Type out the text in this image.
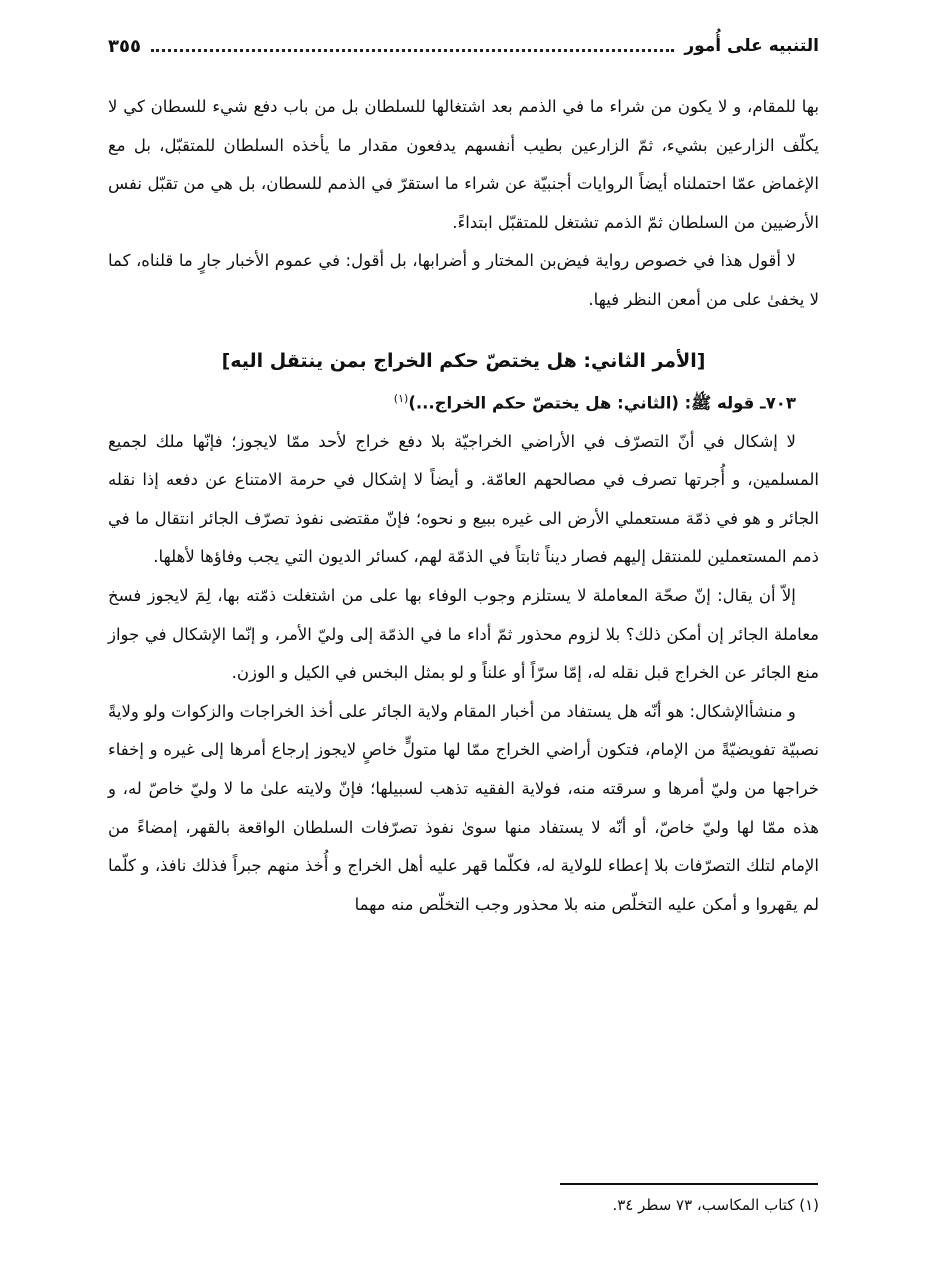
التنبيه على أُمور
٣٥٥

بها للمقام، و لا يكون من شراء ما في الذمم بعد اشتغالها للسلطان بل من باب دفع شيء للسطان كي لا يكلّف الزارعين بشيء، ثمّ الزارعين بطيب أنفسهم يدفعون مقدار ما يأخذه السلطان للمتقبّل، بل مع الإغماض عمّا احتملناه أيضاً الروايات أجنبيّة عن شراء ما استقرّ في الذمم للسطان، بل هي من تقبّل نفس الأرضيين من السلطان ثمّ الذمم تشتغل للمتقبّل ابتداءً.

لا أقول هذا في خصوص رواية فيض‌بن المختار و أضرابها، بل أقول: في عموم الأخبار جارٍ ما قلناه، كما لا يخفىٰ على من أمعن النظر فيها.

[الأمر الثاني: هل يختصّ حكم الخراج بمن ينتقل اليه]

٧٠٣ـ قوله ﷺ: (الثاني: هل يختصّ حكم الخراج...)$^{(١)}$

لا إشكال في أنّ التصرّف في الأراضي الخراجيّة بلا دفع خراج لأحد ممّا لايجوز؛ فإنّها ملك لجميع المسلمين، و أُجرتها تصرف في مصالحهم العامّة. و أيضاً لا إشكال في حرمة الامتناع عن دفعه إذا نقله الجائر و هو في ذمّة مستعملي الأرض الى غيره ببيع و نحوه؛ فإنّ مقتضى نفوذ تصرّف الجائر انتقال ما في ذمم المستعملين للمنتقل إليهم فصار ديناً ثابتاً في الذمّة لهم، كسائر الديون التي يجب وفاؤها لأهلها.

إلاّ أن يقال: إنّ صحّة المعاملة لا يستلزم وجوب الوفاء بها على من اشتغلت ذمّته بها، لِمَ لايجوز فسخ معاملة الجائر إن أمكن ذلك؟ بلا لزوم محذور ثمّ أداء ما في الذمّة إلى وليّ الأمر، و إنّما الإشكال في جواز منع الجائر عن الخراج قبل نقله له، إمّا سرّاً أو علناً و لو بمثل البخس في الكيل و الوزن.

و منشأالإشكال: هو أنّه هل يستفاد من أخبار المقام ولاية الجائر على أخذ الخراجات والزكوات ولو ولايةً نصبيّة تفويضيّةً من الإمام، فتكون أراضي الخراج ممّا لها متولٍّ خاصٍ لايجوز إرجاع أمرها إلى غيره و إخفاء خراجها من وليّ أمرها و سرقته منه، فولاية الفقيه تذهب لسبيلها؛ فإنّ ولايته علىٰ ما لا وليّ خاصّ له، و هذه ممّا لها وليّ خاصّ، أو أنّه لا يستفاد منها سوىٰ نفوذ تصرّفات السلطان الواقعة بالقهر، إمضاءً من الإمام لتلك التصرّفات بلا إعطاء للولاية له، فكلّما قهر عليه أهل الخراج و أُخذ منهم جبراً فذلك نافذ، و كلّما لم يقهروا و أمكن عليه التخلّص منه بلا محذور وجب التخلّص منه مهما

(١) كتاب المكاسب، ٧٣ سطر ٣٤.
